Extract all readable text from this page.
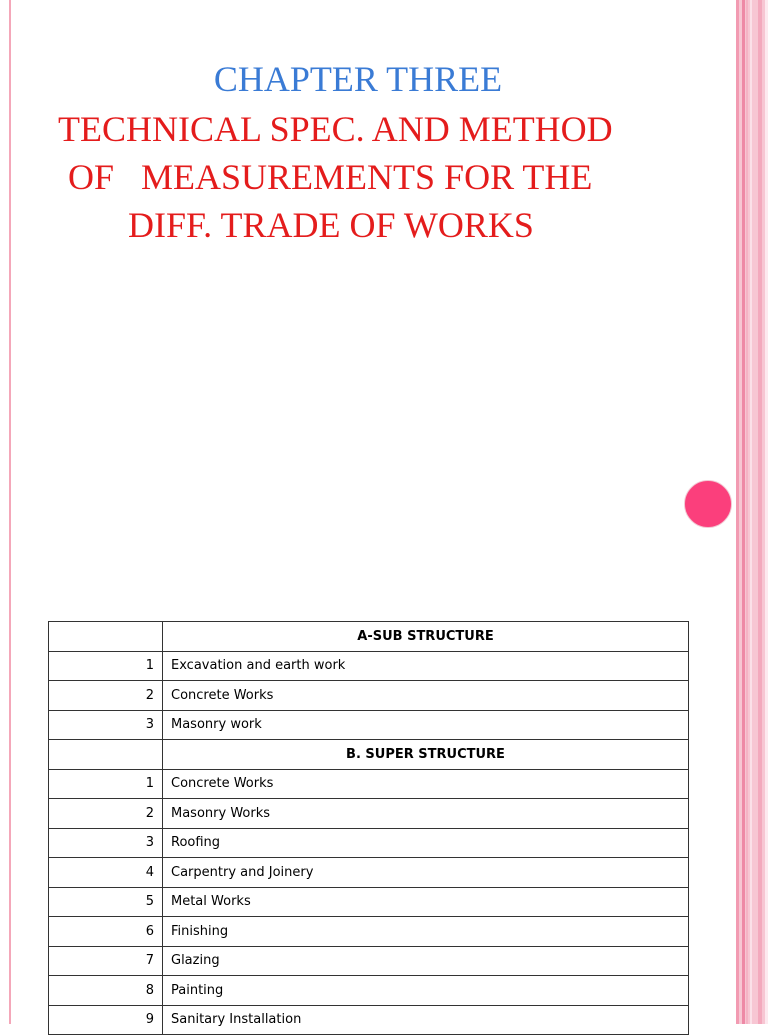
CHAPTER THREE
TECHNICAL SPEC. AND METHOD
OF   MEASUREMENTS FOR THE
DIFF. TRADE OF WORKS
	A-SUB STRUCTURE
1	Excavation and earth work
2	Concrete Works
3	Masonry work
	B. SUPER STRUCTURE
1	Concrete Works
2	Masonry Works
3	Roofing
4	Carpentry and Joinery
5	Metal Works
6	Finishing
7	Glazing
8	Painting
9	Sanitary Installation
